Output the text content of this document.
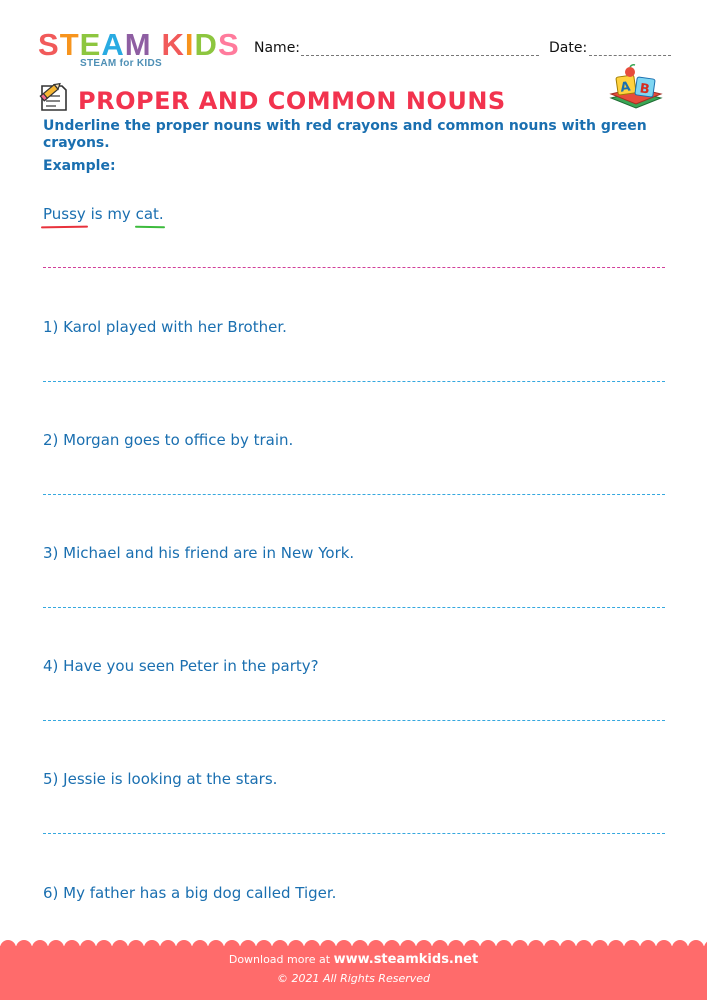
STEAM KIDS
STEAM for KIDS
Name:	Date:
PROPER AND COMMON NOUNS	A B
Underline the proper nouns with red crayons and common nouns with green crayons.
Example:
Pussy is my cat.
1) Karol played with her Brother.
2) Morgan goes to office by train.
3) Michael and his friend are in New York.
4) Have you seen Peter in the party?
5) Jessie is looking at the stars.
6) My father has a big dog called Tiger.
Download more at www.steamkids.net
© 2021 All Rights Reserved
